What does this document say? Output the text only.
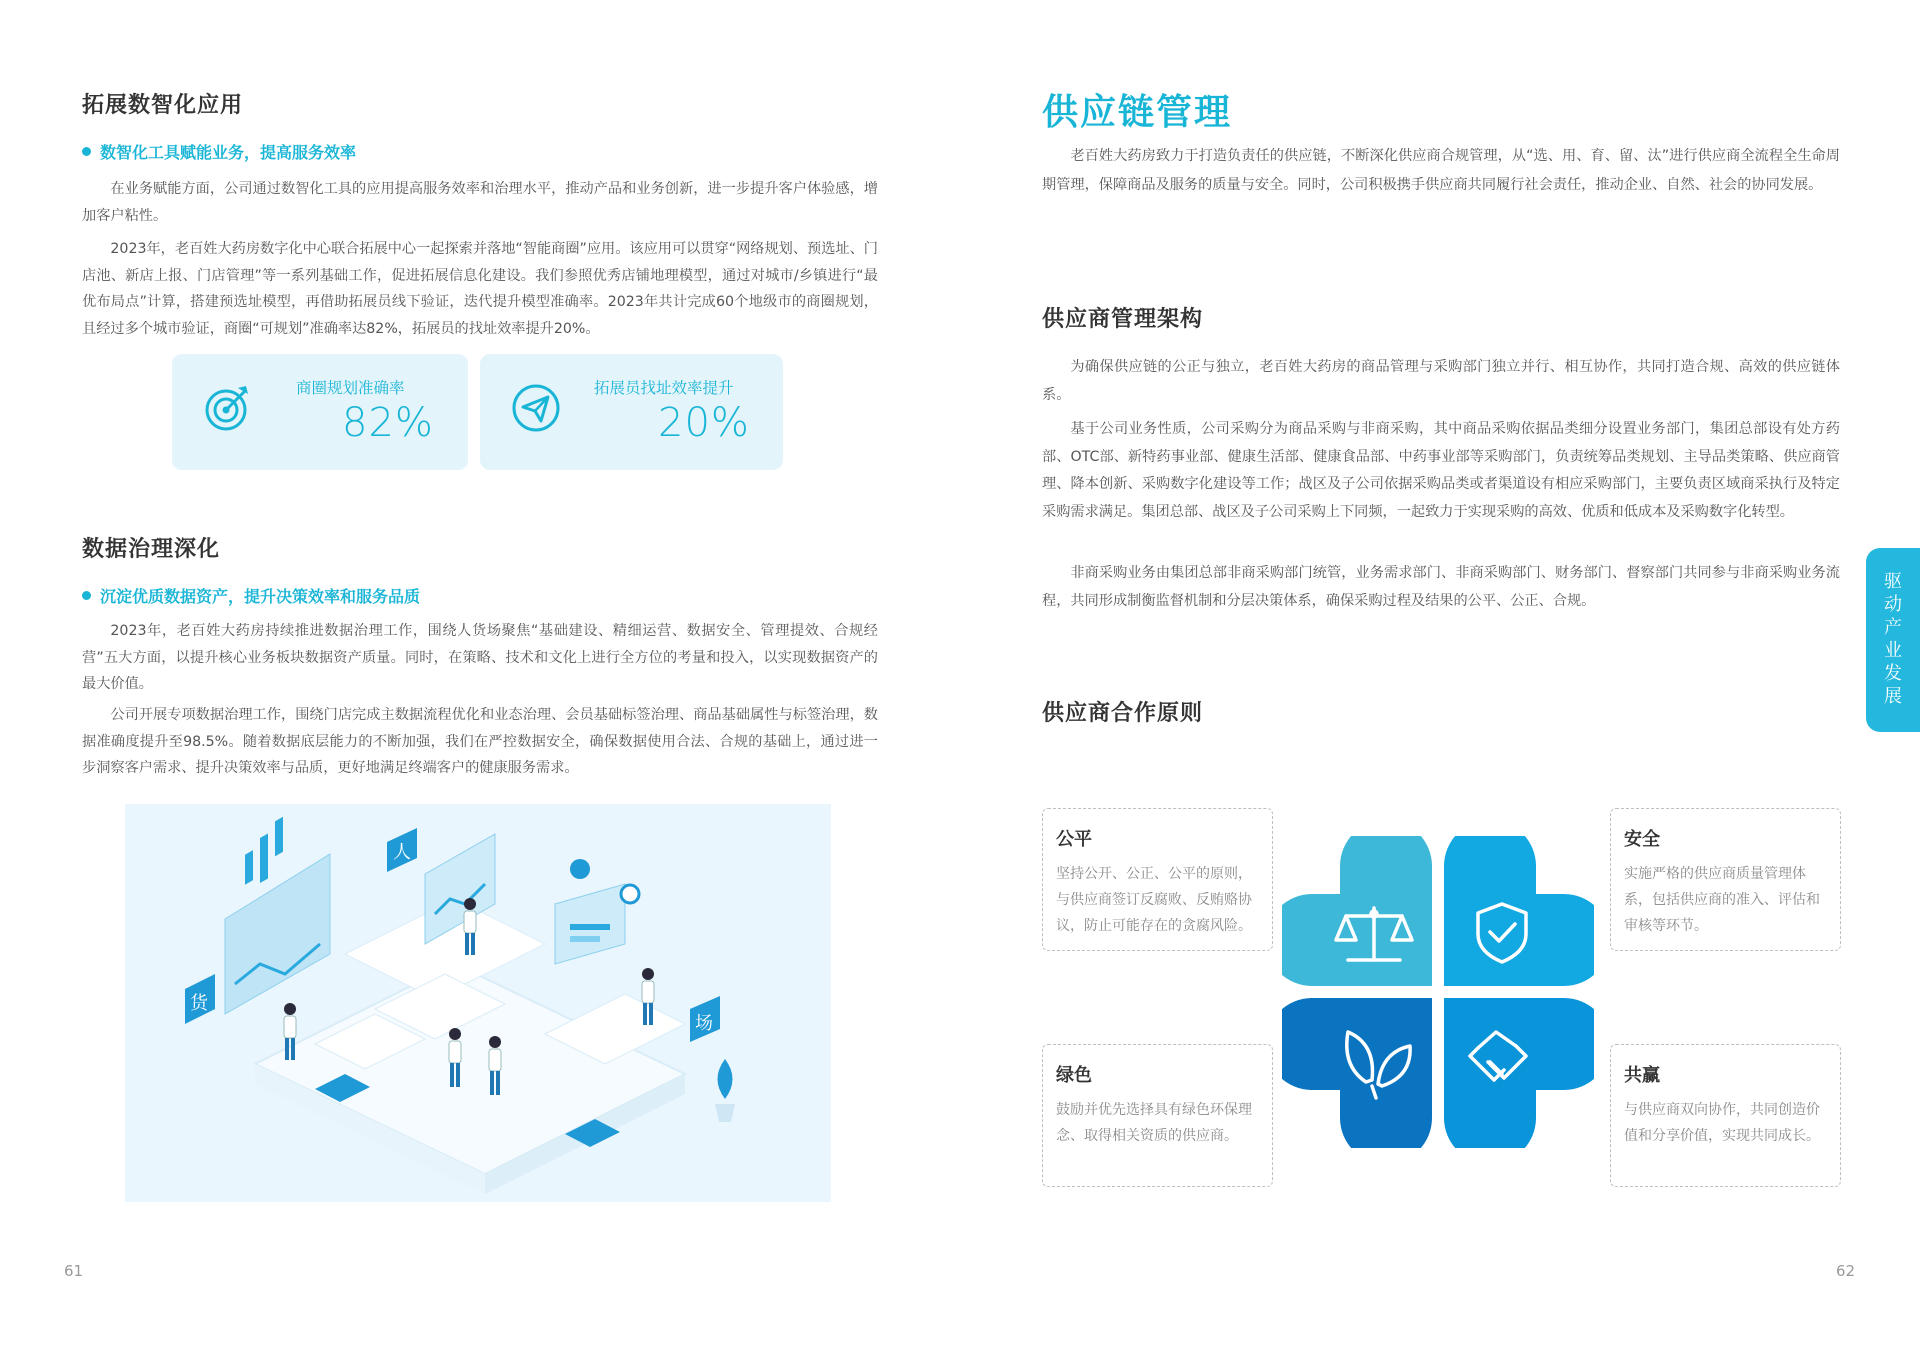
拓展数智化应用
数智化工具赋能业务，提高服务效率

在业务赋能方面，公司通过数智化工具的应用提高服务效率和治理水平，推动产品和业务创新，进一步提升客户体验感，增加客户粘性。

2023年，老百姓大药房数字化中心联合拓展中心一起探索并落地“智能商圈”应用。该应用可以贯穿“网络规划、预选址、门店池、新店上报、门店管理”等一系列基础工作，促进拓展信息化建设。我们参照优秀店铺地理模型，通过对城市/乡镇进行“最优布局点”计算，搭建预选址模型，再借助拓展员线下验证，迭代提升模型准确率。2023年共计完成60个地级市的商圈规划，且经过多个城市验证，商圈“可规划”准确率达82%，拓展员的找址效率提升20%。

商圈规划准确率
82%
拓展员找址效率提升
20%
数据治理深化
沉淀优质数据资产，提升决策效率和服务品质

2023年，老百姓大药房持续推进数据治理工作，围绕人货场聚焦“基础建设、精细运营、数据安全、管理提效、合规经营”五大方面，以提升核心业务板块数据资产质量。同时，在策略、技术和文化上进行全方位的考量和投入，以实现数据资产的最大价值。

公司开展专项数据治理工作，围绕门店完成主数据流程优化和业态治理、会员基础标签治理、商品基础属性与标签治理，数据准确度提升至98.5%。随着数据底层能力的不断加强，我们在严控数据安全，确保数据使用合法、合规的基础上，通过进一步洞察客户需求、提升决策效率与品质，更好地满足终端客户的健康服务需求。

人
货
场
61
供应链管理

老百姓大药房致力于打造负责任的供应链，不断深化供应商合规管理，从“选、用、育、留、汰”进行供应商全流程全生命周期管理，保障商品及服务的质量与安全。同时，公司积极携手供应商共同履行社会责任，推动企业、自然、社会的协同发展。

供应商管理架构

为确保供应链的公正与独立，老百姓大药房的商品管理与采购部门独立并行、相互协作，共同打造合规、高效的供应链体系。

基于公司业务性质，公司采购分为商品采购与非商采购，其中商品采购依据品类细分设置业务部门，集团总部设有处方药部、OTC部、新特药事业部、健康生活部、健康食品部、中药事业部等采购部门，负责统筹品类规划、主导品类策略、供应商管理、降本创新、采购数字化建设等工作；战区及子公司依据采购品类或者渠道设有相应采购部门，主要负责区域商采执行及特定采购需求满足。集团总部、战区及子公司采购上下同频，一起致力于实现采购的高效、优质和低成本及采购数字化转型。

非商采购业务由集团总部非商采购部门统管，业务需求部门、非商采购部门、财务部门、督察部门共同参与非商采购业务流程，共同形成制衡监督机制和分层决策体系，确保采购过程及结果的公平、公正、合规。

供应商合作原则
公平
坚持公开、公正、公平的原则，与供应商签订反腐败、反贿赂协议，防止可能存在的贪腐风险。
安全
实施严格的供应商质量管理体系，包括供应商的准入、评估和审核等环节。
绿色
鼓励并优先选择具有绿色环保理念、取得相关资质的供应商。
共赢
与供应商双向协作，共同创造价值和分享价值，实现共同成长。
驱
动
产
业
发
展
62
